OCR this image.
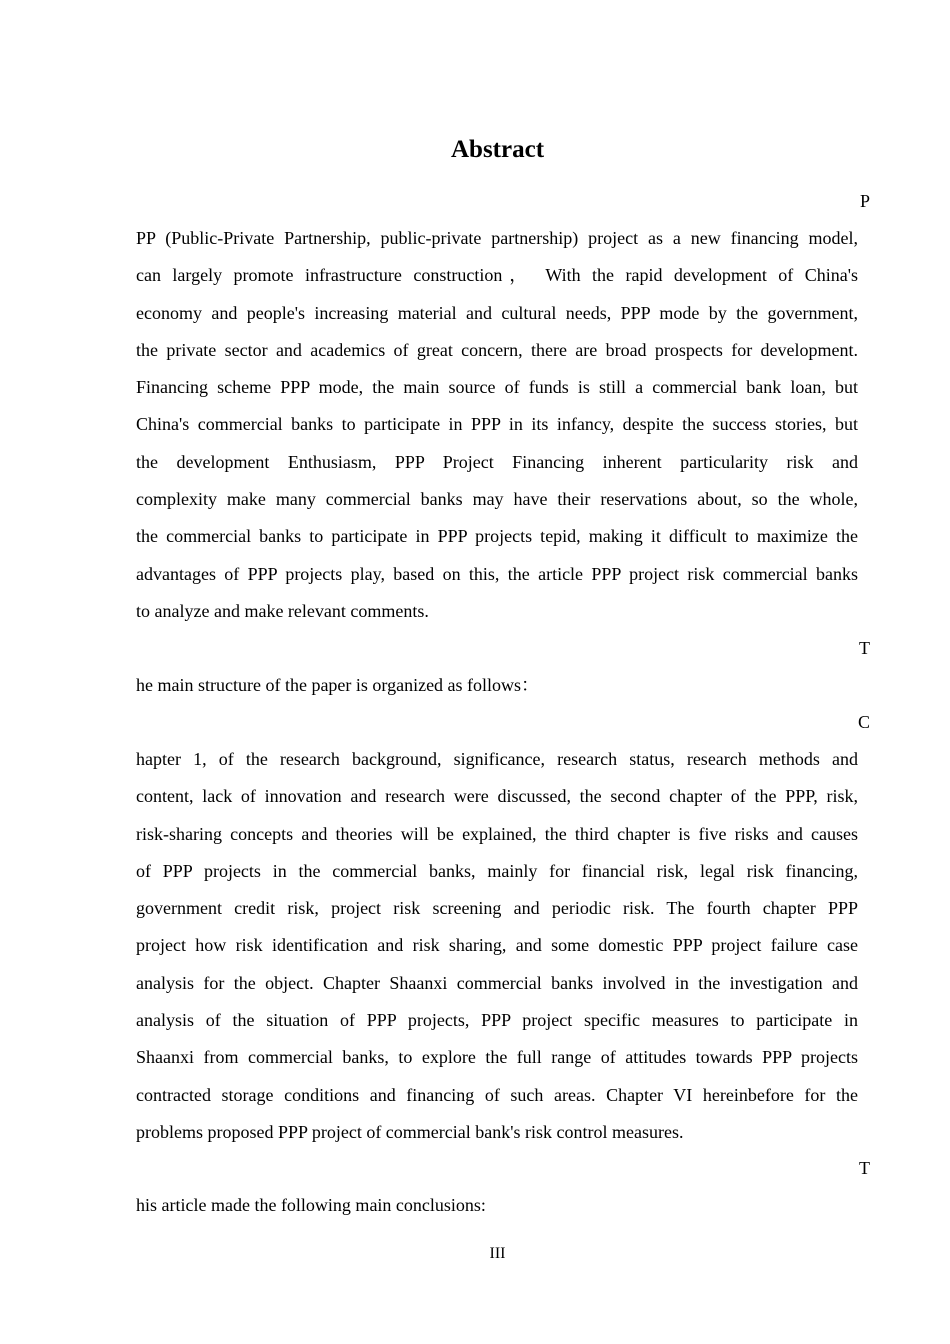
Abstract
P
PP (Public-Private Partnership, public-private partnership) project as a new financing model,
can largely promote infrastructure construction， With the rapid development of China's
economy and people's increasing material and cultural needs, PPP mode by the government,
the private sector and academics of great concern, there are broad prospects for development.
Financing scheme PPP mode, the main source of funds is still a commercial bank loan, but
China's commercial banks to participate in PPP in its infancy, despite the success stories, but
the development Enthusiasm, PPP Project Financing inherent particularity risk and
complexity make many commercial banks may have their reservations about, so the whole,
the commercial banks to participate in PPP projects tepid, making it difficult to maximize the
advantages of PPP projects play, based on this, the article PPP project risk commercial banks
to analyze and make relevant comments.
T
he main structure of the paper is organized as follows：
C
hapter 1, of the research background, significance, research status, research methods and
content, lack of innovation and research were discussed, the second chapter of the PPP, risk,
risk-sharing concepts and theories will be explained, the third chapter is five risks and causes
of PPP projects in the commercial banks, mainly for financial risk, legal risk financing,
government credit risk, project risk screening and periodic risk. The fourth chapter PPP
project how risk identification and risk sharing, and some domestic PPP project failure case
analysis for the object. Chapter Shaanxi commercial banks involved in the investigation and
analysis of the situation of PPP projects, PPP project specific measures to participate in
Shaanxi from commercial banks, to explore the full range of attitudes towards PPP projects
contracted storage conditions and financing of such areas. Chapter VI hereinbefore for the
problems proposed PPP project of commercial bank's risk control measures.
T
his article made the following main conclusions:
III
